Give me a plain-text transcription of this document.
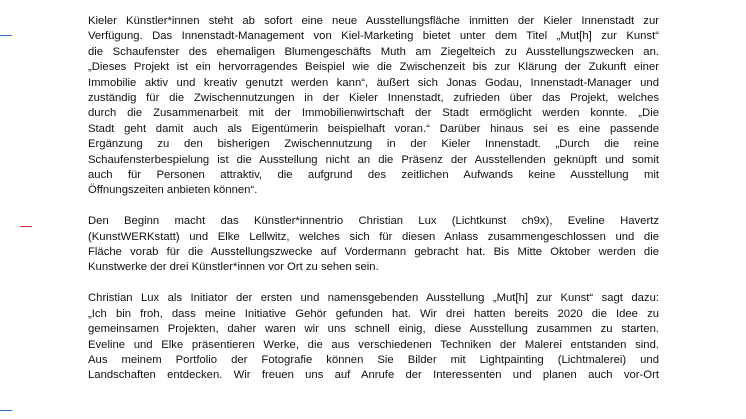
Kieler Künstler*innen steht ab sofort eine neue Ausstellungsfläche inmitten der Kieler Innenstadt zur
Verfügung. Das Innenstadt-Management von Kiel-Marketing bietet unter dem Titel „Mut[h] zur Kunst“
die Schaufenster des ehemaligen Blumengeschäfts Muth am Ziegelteich zu Ausstellungszwecken an.
„Dieses Projekt ist ein hervorragendes Beispiel wie die Zwischenzeit bis zur Klärung der Zukunft einer
Immobilie aktiv und kreativ genutzt werden kann“, äußert sich Jonas Godau, Innenstadt-Manager und
zuständig für die Zwischennutzungen in der Kieler Innenstadt, zufrieden über das Projekt, welches
durch die Zusammenarbeit mit der Immobilienwirtschaft der Stadt ermöglicht werden konnte. „Die
Stadt geht damit auch als Eigentümerin beispielhaft voran.“ Darüber hinaus sei es eine passende
Ergänzung zu den bisherigen Zwischennutzung in der Kieler Innenstadt. „Durch die reine
Schaufensterbespielung ist die Ausstellung nicht an die Präsenz der Ausstellenden geknüpft und somit
auch für Personen attraktiv, die aufgrund des zeitlichen Aufwands keine Ausstellung mit
Öffnungszeiten anbieten können“.

Den Beginn macht das Künstler*innentrio Christian Lux (Lichtkunst ch9x), Eveline Havertz
(KunstWERKstatt) und Elke Lellwitz, welches sich für diesen Anlass zusammengeschlossen und die
Fläche vorab für die Ausstellungszwecke auf Vordermann gebracht hat. Bis Mitte Oktober werden die
Kunstwerke der drei Künstler*innen vor Ort zu sehen sein.

Christian Lux als Initiator der ersten und namensgebenden Ausstellung „Mut[h] zur Kunst“ sagt dazu:
„Ich bin froh, dass meine Initiative Gehör gefunden hat. Wir drei hatten bereits 2020 die Idee zu
gemeinsamen Projekten, daher waren wir uns schnell einig, diese Ausstellung zusammen zu starten.
Eveline und Elke präsentieren Werke, die aus verschiedenen Techniken der Malerei entstanden sind.
Aus meinem Portfolio der Fotografie können Sie Bilder mit Lightpainting (Lichtmalerei) und
Landschaften entdecken. Wir freuen uns auf Anrufe der Interessenten und planen auch vor-Ort
